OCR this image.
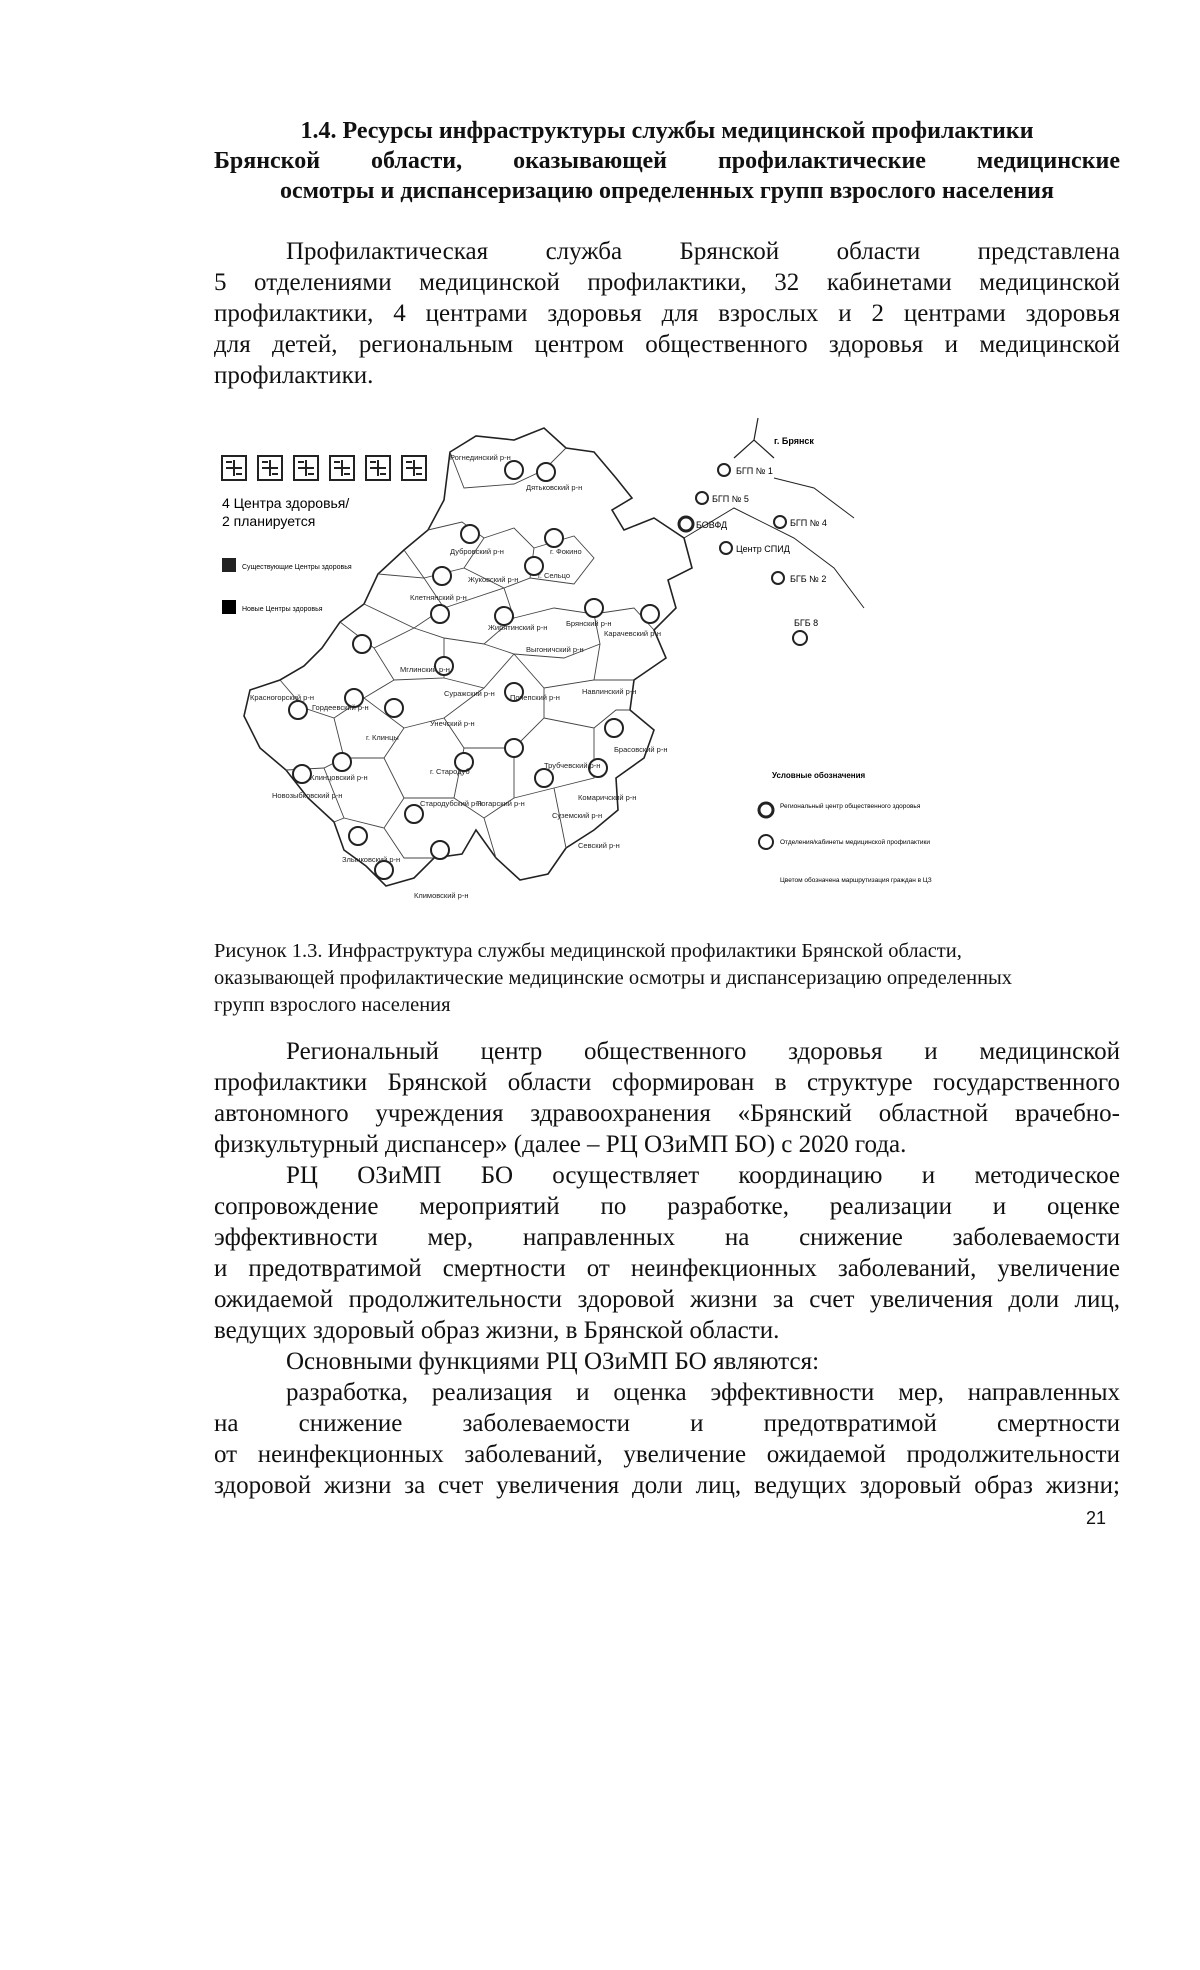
1.4. Ресурсы инфраструктуры службы медицинской профилактики
Брянской области, оказывающей профилактические медицинские
осмотры и диспансеризацию определенных групп взрослого населения
Профилактическая служба Брянской области представлена
5 отделениями медицинской профилактики, 32 кабинетами медицинской
профилактики, 4 центрами здоровья для взрослых и 2 центрами здоровья
для детей, региональным центром общественного здоровья и медицинской
профилактики.
4 Центра здоровья/
2 планируется
Существующие Центры здоровья
Новые Центры здоровья
Рогнединский р-н
Дятьковский р-н
Дубровский р-н	г. Фокино
Жуковский р-н	г. Сельцо
Клетнянский р-н
Брянский р-н
Жирятинский р-н
Карачевский р-н
Выгоничский р-н
Мглинский р-н
Суражский р-н Почепский р-н
Навлинский р-н
Красногорский р-н
Гордеевский р-н
Унечский р-н
г. Клинцы
Брасовский р-н
Клинцовский р-н
г. Стародуб
Трубчевский р-н
Новозыбковский р-н
Стародубский р-н
Погарский р-н
Комаричский р-н
Суземский р-н
Злынковский р-н
Севский р-н
Климовский р-н
г. Брянск
БГП № 1
БГП № 5
БОВФД	БГП № 4
Центр СПИД
БГБ № 2
БГБ 8
Условные обозначения
Региональный центр общественного здоровья
Отделения/кабинеты медицинской профилактики
Цветом обозначена маршрутизация граждан в ЦЗ
Рисунок 1.3. Инфраструктура службы медицинской профилактики Брянской области,
оказывающей профилактические медицинские осмотры и диспансеризацию определенных
групп взрослого населения
Региональный центр общественного здоровья и медицинской
профилактики Брянской области сформирован в структуре государственного
автономного учреждения здравоохранения «Брянский областной врачебно-
физкультурный диспансер» (далее – РЦ ОЗиМП БО) с 2020 года.
РЦ ОЗиМП БО осуществляет координацию и методическое
сопровождение мероприятий по разработке, реализации и оценке
эффективности мер, направленных на снижение заболеваемости
и предотвратимой смертности от неинфекционных заболеваний, увеличение
ожидаемой продолжительности здоровой жизни за счет увеличения доли лиц,
ведущих здоровый образ жизни, в Брянской области.
Основными функциями РЦ ОЗиМП БО являются:
разработка, реализация и оценка эффективности мер, направленных
на снижение заболеваемости и предотвратимой смертности
от неинфекционных заболеваний, увеличение ожидаемой продолжительности
здоровой жизни за счет увеличения доли лиц, ведущих здоровый образ жизни;
21
